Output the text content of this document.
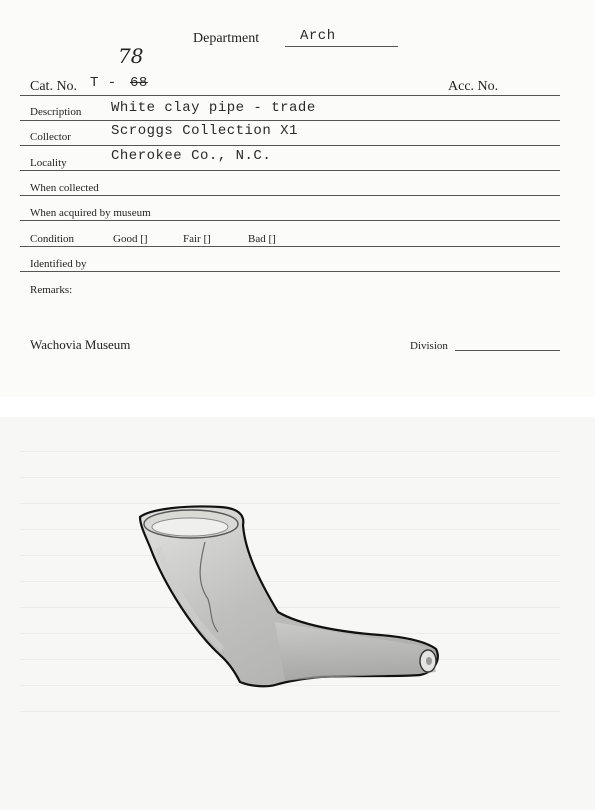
Department	Arch
78
Cat. No. T - 68	Acc. No.
Description White clay pipe - trade
Collector	Scroggs Collection X1
Locality	Cherokee Co., N.C.
When collected
When acquired by museum
Condition	Good []	Fair []	Bad []
Identified by
Remarks:
Wachovia Museum	Division
